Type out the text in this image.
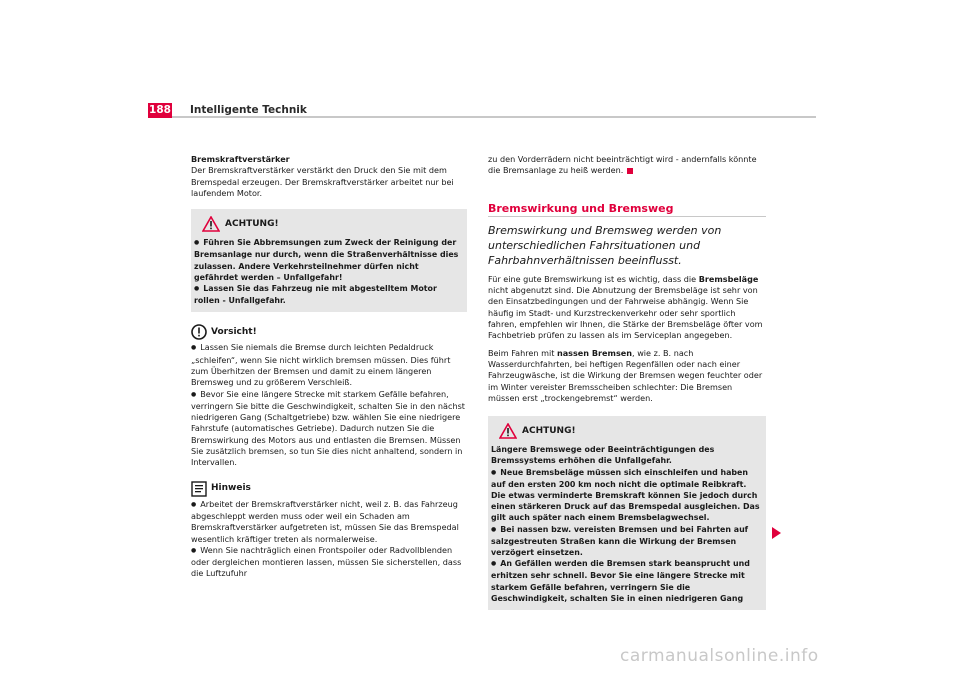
188 Intelligente Technik

Bremskraftverstärker

Der Bremskraftverstärker verstärkt den Druck den Sie mit dem Bremspedal erzeugen. Der Bremskraftverstärker arbeitet nur bei laufendem Motor.

ACHTUNG!

● Führen Sie Abbremsungen zum Zweck der Reinigung der Bremsanlage nur durch, wenn die Straßenverhältnisse dies zulassen. Andere Verkehrsteilnehmer dürfen nicht gefährdet werden – Unfallgefahr!

● Lassen Sie das Fahrzeug nie mit abgestelltem Motor rollen - Unfallgefahr.

Vorsicht!

● Lassen Sie niemals die Bremse durch leichten Pedaldruck „schleifen“, wenn Sie nicht wirklich bremsen müssen. Dies führt zum Überhitzen der Bremsen und damit zu einem längeren Bremsweg und zu größerem Verschleiß.

● Bevor Sie eine längere Strecke mit starkem Gefälle befahren, verringern Sie bitte die Geschwindigkeit, schalten Sie in den nächst niedrigeren Gang (Schaltgetriebe) bzw. wählen Sie eine niedrigere Fahrstufe (automatisches Getriebe). Dadurch nutzen Sie die Bremswirkung des Motors aus und entlasten die Bremsen. Müssen Sie zusätzlich bremsen, so tun Sie dies nicht anhaltend, sondern in Intervallen.

Hinweis

● Arbeitet der Bremskraftverstärker nicht, weil z. B. das Fahrzeug abgeschleppt werden muss oder weil ein Schaden am Bremskraftverstärker aufgetreten ist, müssen Sie das Bremspedal wesentlich kräftiger treten als normalerweise.

● Wenn Sie nachträglich einen Frontspoiler oder Radvollblenden oder dergleichen montieren lassen, müssen Sie sicherstellen, dass die Luftzufuhr

zu den Vorderrädern nicht beeinträchtigt wird - andernfalls könnte die Bremsanlage zu heiß werden.

Bremswirkung und Bremsweg
Bremswirkung und Bremsweg werden von unterschiedlichen Fahrsituationen und Fahrbahnverhältnissen beeinflusst.

Für eine gute Bremswirkung ist es wichtig, dass die Bremsbeläge nicht abgenutzt sind. Die Abnutzung der Bremsbeläge ist sehr von den Einsatzbedingungen und der Fahrweise abhängig. Wenn Sie häufig im Stadt- und Kurzstreckenverkehr oder sehr sportlich fahren, empfehlen wir Ihnen, die Stärke der Bremsbeläge öfter vom Fachbetrieb prüfen zu lassen als im Serviceplan angegeben.

Beim Fahren mit nassen Bremsen, wie z. B. nach Wasserdurchfahrten, bei heftigen Regenfällen oder nach einer Fahrzeugwäsche, ist die Wirkung der Bremsen wegen feuchter oder im Winter vereister Bremsscheiben schlechter: Die Bremsen müssen erst „trockengebremst“ werden.

ACHTUNG!

Längere Bremswege oder Beeinträchtigungen des Bremssystems erhöhen die Unfallgefahr.

● Neue Bremsbeläge müssen sich einschleifen und haben auf den ersten 200 km noch nicht die optimale Reibkraft. Die etwas verminderte Bremskraft können Sie jedoch durch einen stärkeren Druck auf das Bremspedal ausgleichen. Das gilt auch später nach einem Bremsbelagwechsel.

● Bei nassen bzw. vereisten Bremsen und bei Fahrten auf salzgestreuten Straßen kann die Wirkung der Bremsen verzögert einsetzen.

● An Gefällen werden die Bremsen stark beansprucht und erhitzen sehr schnell. Bevor Sie eine längere Strecke mit starkem Gefälle befahren, verringern Sie die Geschwindigkeit, schalten Sie in einen niedrigeren Gang

carmanualsonline.info
